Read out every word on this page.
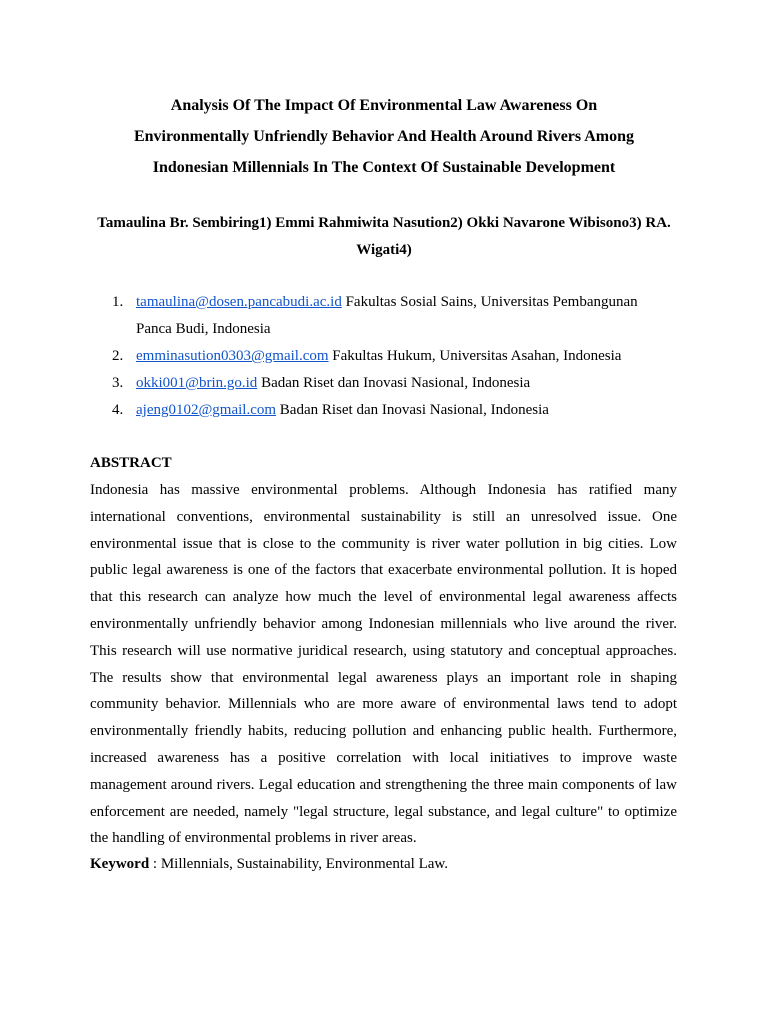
Analysis Of The Impact Of Environmental Law Awareness On
Environmentally Unfriendly Behavior And Health Around Rivers Among
Indonesian Millennials In The Context Of Sustainable Development

Tamaulina Br. Sembiring1) Emmi Rahmiwita Nasution2) Okki Navarone Wibisono3) RA.
Wigati4)

1. tamaulina@dosen.pancabudi.ac.id Fakultas Sosial Sains, Universitas Pembangunan
Panca Budi, Indonesia
2. emminasution0303@gmail.com Fakultas Hukum, Universitas Asahan, Indonesia
3. okki001@brin.go.id Badan Riset dan Inovasi Nasional, Indonesia
4. ajeng0102@gmail.com Badan Riset dan Inovasi Nasional, Indonesia
ABSTRACT
Indonesia has massive environmental problems. Although Indonesia has ratified many
international conventions, environmental sustainability is still an unresolved issue. One
environmental issue that is close to the community is river water pollution in big cities. Low
public legal awareness is one of the factors that exacerbate environmental pollution. It is hoped
that this research can analyze how much the level of environmental legal awareness affects
environmentally unfriendly behavior among Indonesian millennials who live around the river.
This research will use normative juridical research, using statutory and conceptual approaches.
The results show that environmental legal awareness plays an important role in shaping
community behavior. Millennials who are more aware of environmental laws tend to adopt
environmentally friendly habits, reducing pollution and enhancing public health. Furthermore,
increased awareness has a positive correlation with local initiatives to improve waste
management around rivers. Legal education and strengthening the three main components of law
enforcement are needed, namely "legal structure, legal substance, and legal culture" to optimize
the handling of environmental problems in river areas.

Keyword : Millennials, Sustainability, Environmental Law.
